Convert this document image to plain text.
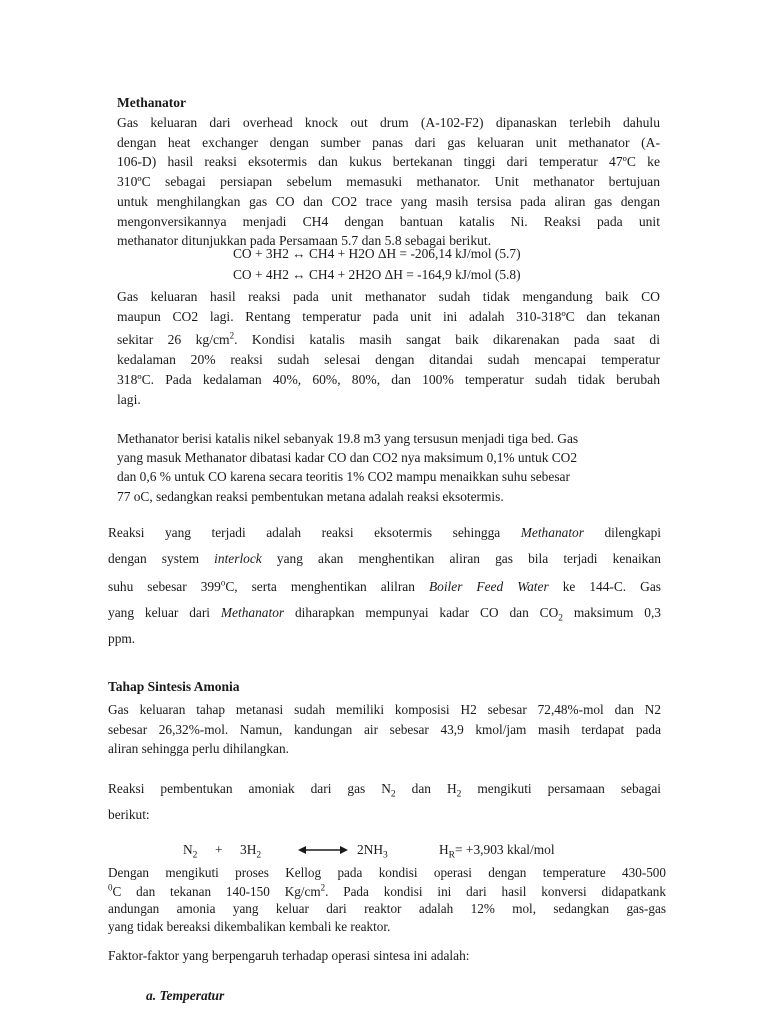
Methanator
Gas keluaran dari overhead knock out drum (A-102-F2) dipanaskan terlebih dahulu
dengan heat exchanger dengan sumber panas dari gas keluaran unit methanator (A-
106-D) hasil reaksi eksotermis dan kukus bertekanan tinggi dari temperatur 47ºC ke
310ºC sebagai persiapan sebelum memasuki methanator. Unit methanator bertujuan
untuk menghilangkan gas CO dan CO2 trace yang masih tersisa pada aliran gas dengan
mengonversikannya menjadi CH4 dengan bantuan katalis Ni. Reaksi pada unit
methanator ditunjukkan pada Persamaan 5.7 dan 5.8 sebagai berikut.
CO + 3H2 ↔ CH4 + H2O ΔH = -206,14 kJ/mol (5.7)
CO + 4H2 ↔ CH4 + 2H2O ΔH = -164,9 kJ/mol (5.8)
Gas keluaran hasil reaksi pada unit methanator sudah tidak mengandung baik CO
maupun CO2 lagi. Rentang temperatur pada unit ini adalah 310-318ºC dan tekanan
sekitar 26 $kg/cm^2$. Kondisi katalis masih sangat baik dikarenakan pada saat di
kedalaman 20% reaksi sudah selesai dengan ditandai sudah mencapai temperatur
318ºC. Pada kedalaman 40%, 60%, 80%, dan 100% temperatur sudah tidak berubah
lagi.
Methanator berisi katalis nikel sebanyak 19.8 m3 yang tersusun menjadi tiga bed. Gas
yang masuk Methanator dibatasi kadar CO dan CO2 nya maksimum 0,1% untuk CO2
dan 0,6 % untuk CO karena secara teoritis 1% CO2 mampu menaikkan suhu sebesar
77 oC, sedangkan reaksi pembentukan metana adalah reaksi eksotermis.
Reaksi yang terjadi adalah reaksi eksotermis sehingga Methanator dilengkapi
dengan system interlock yang akan menghentikan aliran gas bila terjadi kenaikan
suhu sebesar 399$^o$C, serta menghentikan alilran Boiler Feed Water ke 144-C. Gas
yang keluar dari Methanator diharapkan mempunyai kadar CO dan $CO_2$ maksimum 0,3
ppm.
Tahap Sintesis Amonia
Gas keluaran tahap metanasi sudah memiliki komposisi H2 sebesar 72,48%-mol dan N2
sebesar 26,32%-mol. Namun, kandungan air sebesar 43,9 kmol/jam masih terdapat pada
aliran sehingga perlu dihilangkan.
Reaksi pembentukan amoniak dari gas $N_2$ dan $H_2$ mengikuti persamaan sebagai
berikut:
$N_2 + 3H_2$	$2NH_3$	$H_R= +3,903$ kkal/mol
Dengan mengikuti proses Kellog pada kondisi operasi dengan temperature 430-500
$^0$C dan tekanan 140-150 $Kg/cm^2$. Pada kondisi ini dari hasil konversi didapatkank
andungan amonia yang keluar dari reaktor adalah 12% mol, sedangkan gas-gas
yang tidak bereaksi dikembalikan kembali ke reaktor.
Faktor-faktor yang berpengaruh terhadap operasi sintesa ini adalah:
a. Temperatur
